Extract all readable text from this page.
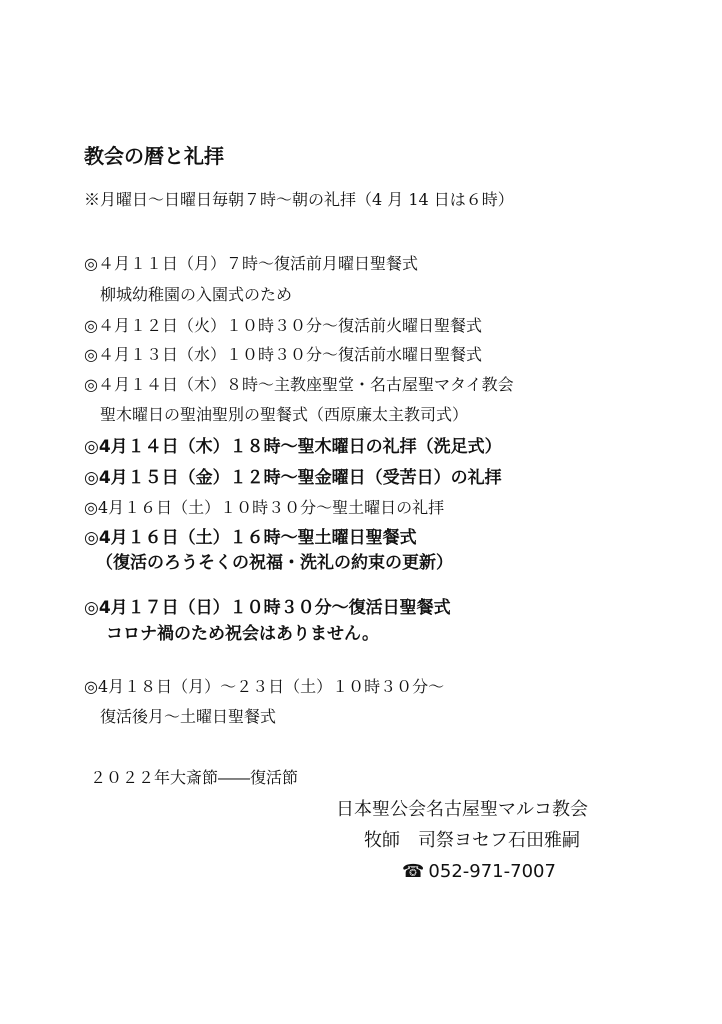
教会の暦と礼拝
※月曜日〜日曜日毎朝７時〜朝の礼拝（4 月 14 日は６時）
◎４月１１日（月）７時〜復活前月曜日聖餐式
柳城幼稚園の入園式のため
◎４月１２日（火）１０時３０分〜復活前火曜日聖餐式
◎４月１３日（水）１０時３０分〜復活前水曜日聖餐式
◎４月１４日（木）８時〜主教座聖堂・名古屋聖マタイ教会
聖木曜日の聖油聖別の聖餐式（西原廉太主教司式）
◎4月１４日（木）１８時〜聖木曜日の礼拝（洗足式）
◎4月１５日（金）１２時〜聖金曜日（受苦日）の礼拝
◎4月１６日（土）１０時３０分〜聖土曜日の礼拝
◎4月１６日（土）１６時〜聖土曜日聖餐式
（復活のろうそくの祝福・洗礼の約束の更新）
◎4月１７日（日）１０時３０分〜復活日聖餐式
コロナ禍のため祝会はありません。
◎4月１８日（月）〜２３日（土）１０時３０分〜
復活後月〜土曜日聖餐式
２０２２年大斎節――復活節
日本聖公会名古屋聖マルコ教会
牧師　司祭ヨセフ石田雅嗣
☎ 052-971-7007
